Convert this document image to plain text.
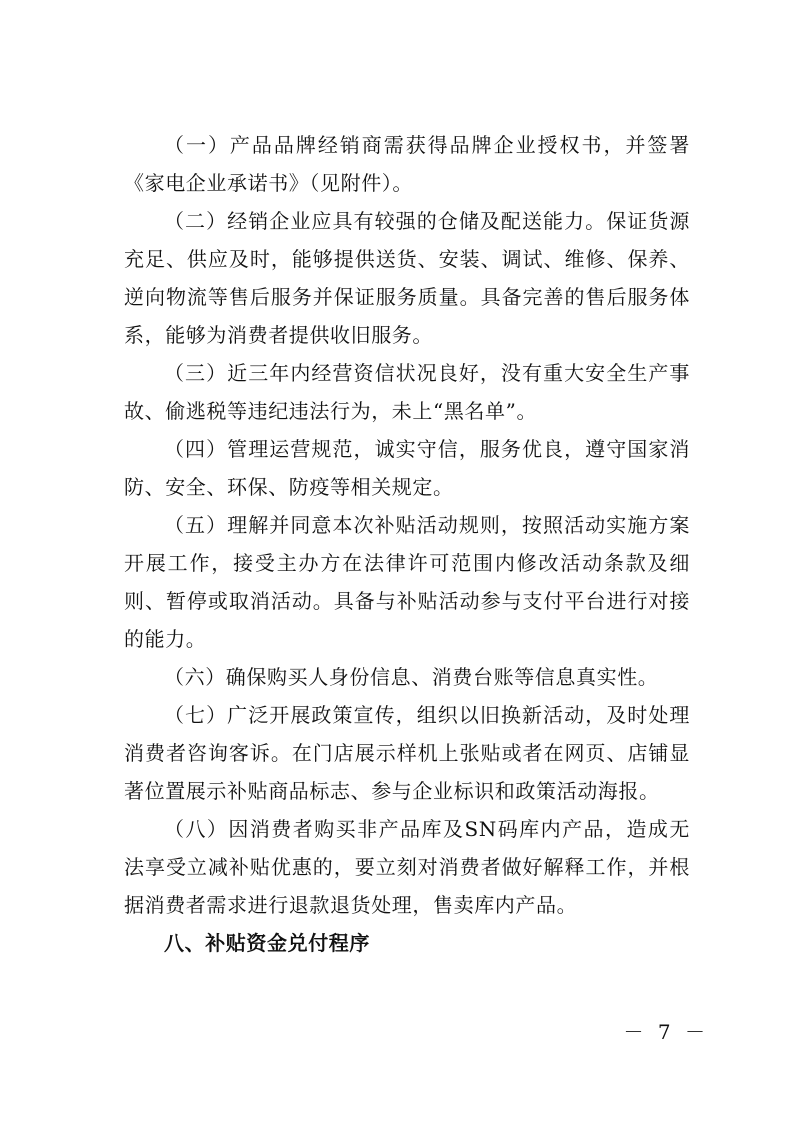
（一）产品品牌经销商需获得品牌企业授权书，并签署《家电企业承诺书》（见附件）。

（二）经销企业应具有较强的仓储及配送能力。保证货源充足、供应及时，能够提供送货、安装、调试、维修、保养、逆向物流等售后服务并保证服务质量。具备完善的售后服务体系，能够为消费者提供收旧服务。

（三）近三年内经营资信状况良好，没有重大安全生产事故、偷逃税等违纪违法行为，未上“黑名单”。

（四）管理运营规范，诚实守信，服务优良，遵守国家消防、安全、环保、防疫等相关规定。

（五）理解并同意本次补贴活动规则，按照活动实施方案开展工作，接受主办方在法律许可范围内修改活动条款及细则、暂停或取消活动。具备与补贴活动参与支付平台进行对接的能力。

（六）确保购买人身份信息、消费台账等信息真实性。

（七）广泛开展政策宣传，组织以旧换新活动，及时处理消费者咨询客诉。在门店展示样机上张贴或者在网页、店铺显著位置展示补贴商品标志、参与企业标识和政策活动海报。

（八）因消费者购买非产品库及SN码库内产品，造成无法享受立减补贴优惠的，要立刻对消费者做好解释工作，并根据消费者需求进行退款退货处理，售卖库内产品。

八、补贴资金兑付程序

－ 7 －
